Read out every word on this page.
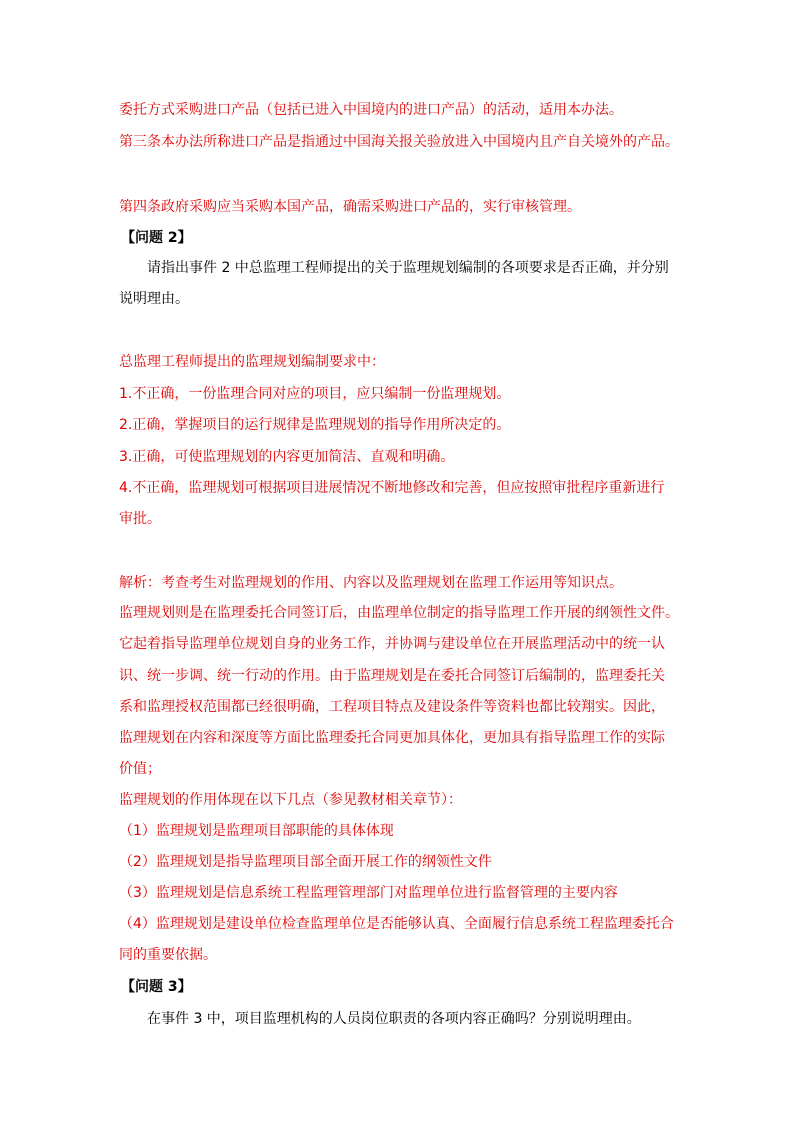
委托方式采购进口产品（包括已进入中国境内的进口产品）的活动，适用本办法。
第三条本办法所称进口产品是指通过中国海关报关验放进入中国境内且产自关境外的产品。
第四条政府采购应当采购本国产品，确需采购进口产品的，实行审核管理。
【问题 2】
请指出事件 2 中总监理工程师提出的关于监理规划编制的各项要求是否正确，并分别
说明理由。
总监理工程师提出的监理规划编制要求中：
1.不正确，一份监理合同对应的项目，应只编制一份监理规划。
2.正确，掌握项目的运行规律是监理规划的指导作用所决定的。
3.正确，可使监理规划的内容更加简洁、直观和明确。
4.不正确，监理规划可根据项目进展情况不断地修改和完善，但应按照审批程序重新进行
审批。
解析：考查考生对监理规划的作用、内容以及监理规划在监理工作运用等知识点。
监理规划则是在监理委托合同签订后，由监理单位制定的指导监理工作开展的纲领性文件。
它起着指导监理单位规划自身的业务工作，并协调与建设单位在开展监理活动中的统一认
识、统一步调、统一行动的作用。由于监理规划是在委托合同签订后编制的，监理委托关
系和监理授权范围都已经很明确，工程项目特点及建设条件等资料也都比较翔实。因此，
监理规划在内容和深度等方面比监理委托合同更加具体化，更加具有指导监理工作的实际
价值；
监理规划的作用体现在以下几点（参见教材相关章节）：
（1）监理规划是监理项目部职能的具体体现
（2）监理规划是指导监理项目部全面开展工作的纲领性文件
（3）监理规划是信息系统工程监理管理部门对监理单位进行监督管理的主要内容
（4）监理规划是建设单位检查监理单位是否能够认真、全面履行信息系统工程监理委托合
同的重要依据。
【问题 3】
在事件 3 中，项目监理机构的人员岗位职责的各项内容正确吗？分别说明理由。
